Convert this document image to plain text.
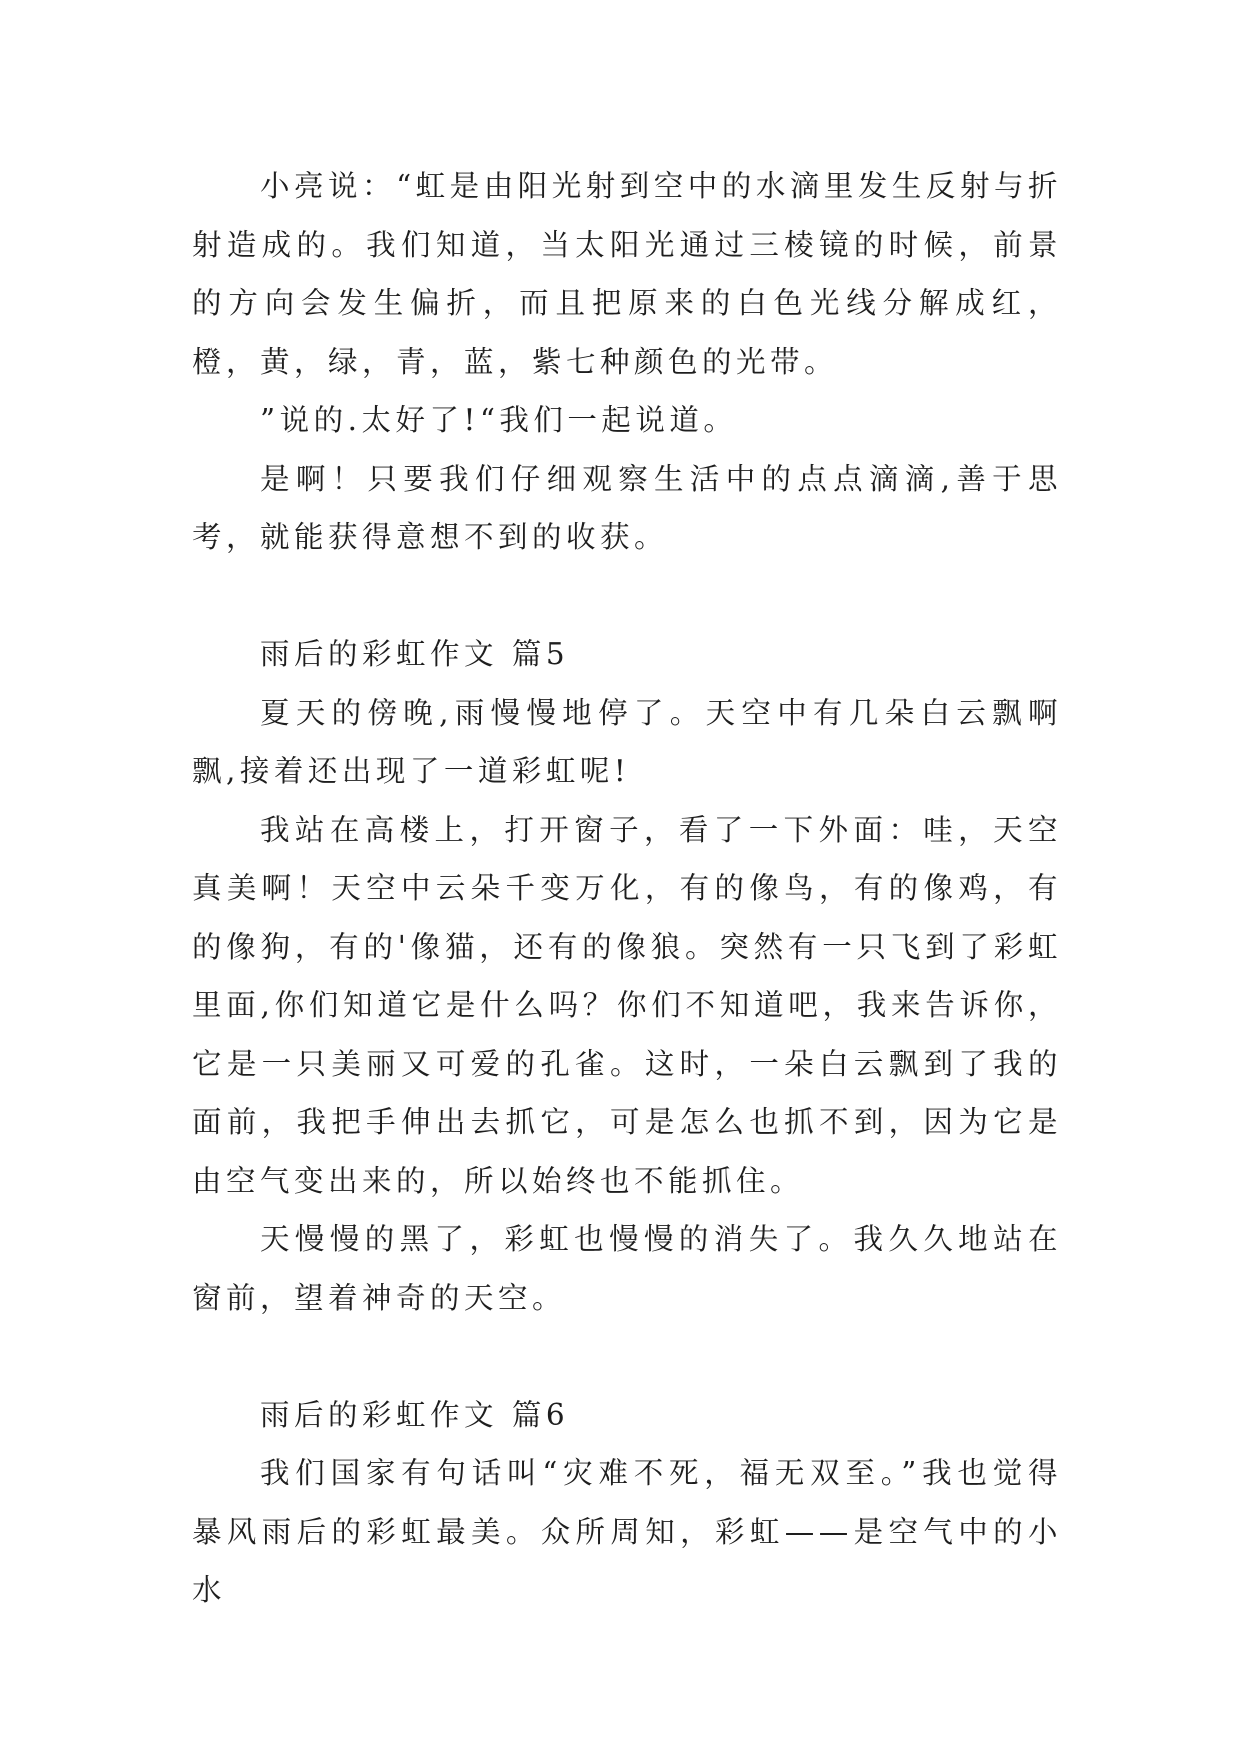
小亮说：“虹是由阳光射到空中的水滴里发生反射与折射造成的。我们知道，当太阳光通过三棱镜的时候，前景的方向会发生偏折，而且把原来的白色光线分解成红，橙，黄，绿，青，蓝，紫七种颜色的光带。

”说的.太好了!“我们一起说道。

是啊！只要我们仔细观察生活中的点点滴滴,善于思考，就能获得意想不到的收获。

雨后的彩虹作文 篇5

夏天的傍晚,雨慢慢地停了。天空中有几朵白云飘啊飘,接着还出现了一道彩虹呢!

我站在高楼上，打开窗子，看了一下外面：哇，天空真美啊！天空中云朵千变万化，有的像鸟，有的像鸡，有的像狗，有的'像猫，还有的像狼。突然有一只飞到了彩虹里面,你们知道它是什么吗？你们不知道吧，我来告诉你，它是一只美丽又可爱的孔雀。这时，一朵白云飘到了我的面前，我把手伸出去抓它，可是怎么也抓不到，因为它是由空气变出来的，所以始终也不能抓住。

天慢慢的黑了，彩虹也慢慢的消失了。我久久地站在窗前，望着神奇的天空。

雨后的彩虹作文 篇6

我们国家有句话叫“灾难不死，福无双至。”我也觉得暴风雨后的彩虹最美。众所周知，彩虹——是空气中的小水
